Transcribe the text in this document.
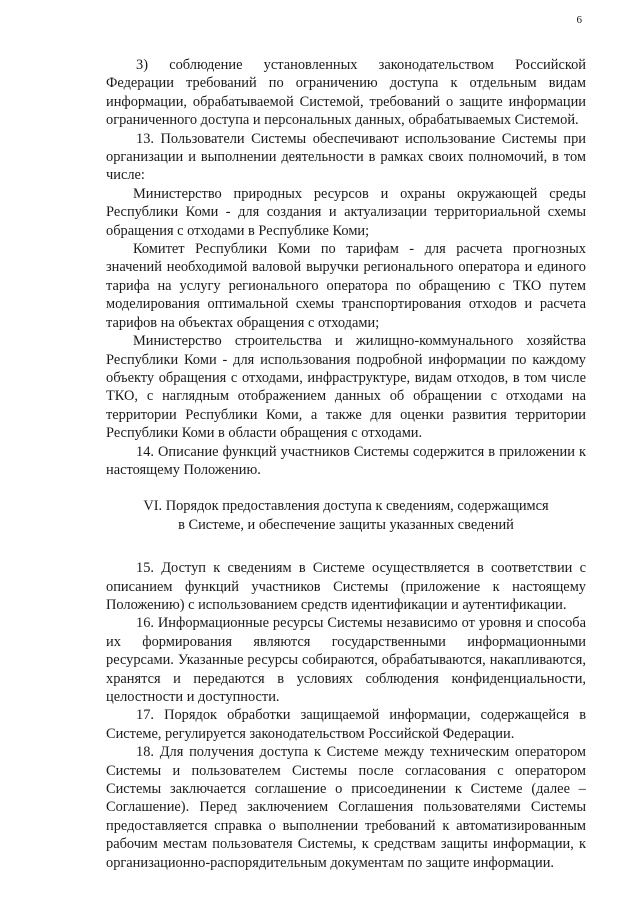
6

3) соблюдение установленных законодательством Российской Федерации требований по ограничению доступа к отдельным видам информации, обрабатываемой Системой, требований о защите информации ограниченного доступа и персональных данных, обрабатываемых Системой.

13. Пользователи Системы обеспечивают использование Системы при организации и выполнении деятельности в рамках своих полномочий, в том числе:

Министерство природных ресурсов и охраны окружающей среды Республики Коми - для создания и актуализации территориальной схемы обращения с отходами в Республике Коми;

Комитет Республики Коми по тарифам - для расчета прогнозных значений необходимой валовой выручки регионального оператора и единого тарифа на услугу регионального оператора по обращению с ТКО путем моделирования оптимальной схемы транспортирования отходов и расчета тарифов на объектах обращения с отходами;

Министерство строительства и жилищно-коммунального хозяйства Республики Коми - для использования подробной информации по каждому объекту обращения с отходами, инфраструктуре, видам отходов, в том числе ТКО, с наглядным отображением данных об обращении с отходами на территории Республики Коми, а также для оценки развития территории Республики Коми в области обращения с отходами.

14. Описание функций участников Системы содержится в приложении к настоящему Положению.

VI. Порядок предоставления доступа к сведениям, содержащимся
в Системе, и обеспечение защиты указанных сведений

15. Доступ к сведениям в Системе осуществляется в соответствии с описанием функций участников Системы (приложение к настоящему Положению) с использованием средств идентификации и аутентификации.

16. Информационные ресурсы Системы независимо от уровня и способа их формирования являются государственными информационными ресурсами. Указанные ресурсы собираются, обрабатываются, накапливаются, хранятся и передаются в условиях соблюдения конфиденциальности, целостности и доступности.

17. Порядок обработки защищаемой информации, содержащейся в Системе, регулируется законодательством Российской Федерации.

18. Для получения доступа к Системе между техническим оператором Системы и пользователем Системы после согласования с оператором Системы заключается соглашение о присоединении к Системе (далее – Соглашение). Перед заключением Соглашения пользователями Системы предоставляется справка о выполнении требований к автоматизированным рабочим местам пользователя Системы, к средствам защиты информации, к организационно-распорядительным документам по защите информации.
